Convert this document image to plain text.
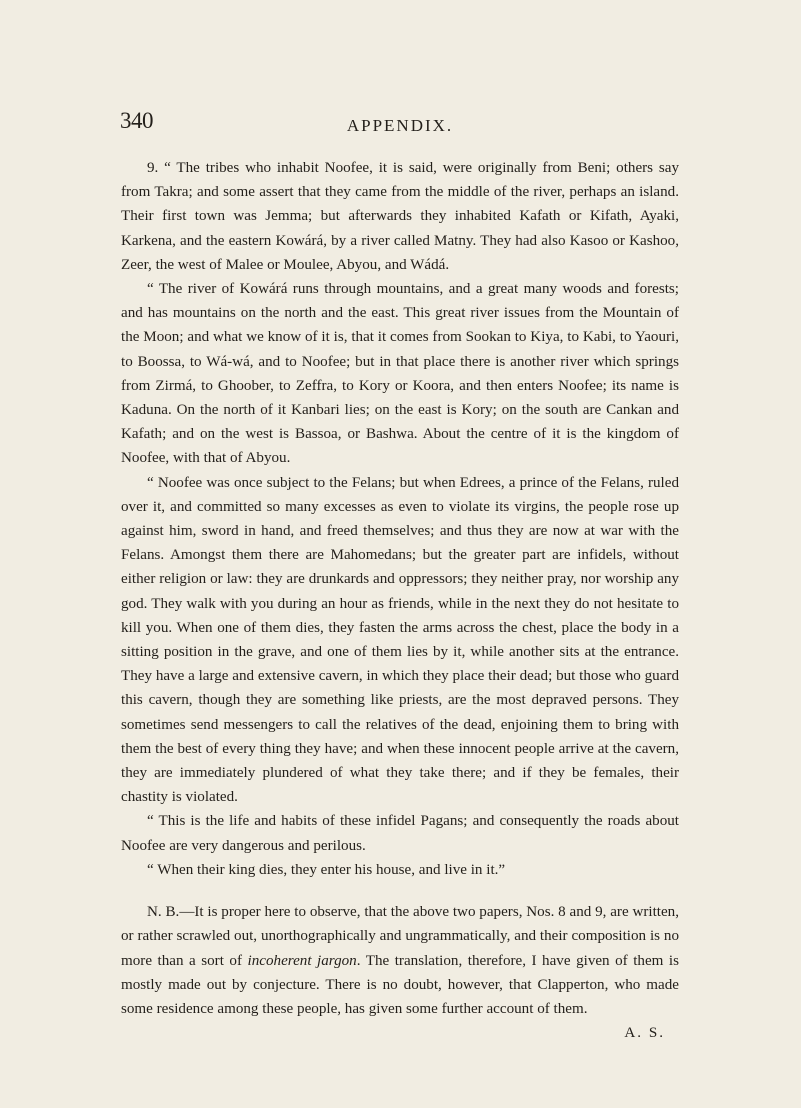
340	APPENDIX.

9. “ The tribes who inhabit Noofee, it is said, were originally from Beni; others say from Takra; and some assert that they came from the middle of the river, perhaps an island. Their first town was Jemma; but afterwards they inhabited Kafath or Kifath, Ayaki, Karkena, and the eastern Kowárá, by a river called Matny. They had also Kasoo or Kashoo, Zeer, the west of Malee or Moulee, Abyou, and Wádá.

“ The river of Kowárá runs through mountains, and a great many woods and forests; and has mountains on the north and the east. This great river issues from the Mountain of the Moon; and what we know of it is, that it comes from Sookan to Kiya, to Kabi, to Yaouri, to Boossa, to Wá-wá, and to Noofee; but in that place there is another river which springs from Zirmá, to Ghoober, to Zeffra, to Kory or Koora, and then enters Noofee; its name is Kaduna. On the north of it Kanbari lies; on the east is Kory; on the south are Cankan and Kafath; and on the west is Bassoa, or Bashwa. About the centre of it is the kingdom of Noofee, with that of Abyou.

“ Noofee was once subject to the Felans; but when Edrees, a prince of the Felans, ruled over it, and committed so many excesses as even to violate its virgins, the people rose up against him, sword in hand, and freed themselves; and thus they are now at war with the Felans. Amongst them there are Mahomedans; but the greater part are infidels, without either religion or law: they are drunkards and oppressors; they neither pray, nor worship any god. They walk with you during an hour as friends, while in the next they do not hesitate to kill you. When one of them dies, they fasten the arms across the chest, place the body in a sitting position in the grave, and one of them lies by it, while another sits at the entrance. They have a large and extensive cavern, in which they place their dead; but those who guard this cavern, though they are something like priests, are the most depraved persons. They sometimes send messengers to call the relatives of the dead, enjoining them to bring with them the best of every thing they have; and when these innocent people arrive at the cavern, they are immediately plundered of what they take there; and if they be females, their chastity is violated.

“ This is the life and habits of these infidel Pagans; and consequently the roads about Noofee are very dangerous and perilous.

“ When their king dies, they enter his house, and live in it.”

N. B.—It is proper here to observe, that the above two papers, Nos. 8 and 9, are written, or rather scrawled out, unorthographically and ungrammatically, and their composition is no more than a sort of incoherent jargon. The translation, therefore, I have given of them is mostly made out by conjecture. There is no doubt, however, that Clapperton, who made some residence among these people, has given some further account of them.

A. S.
